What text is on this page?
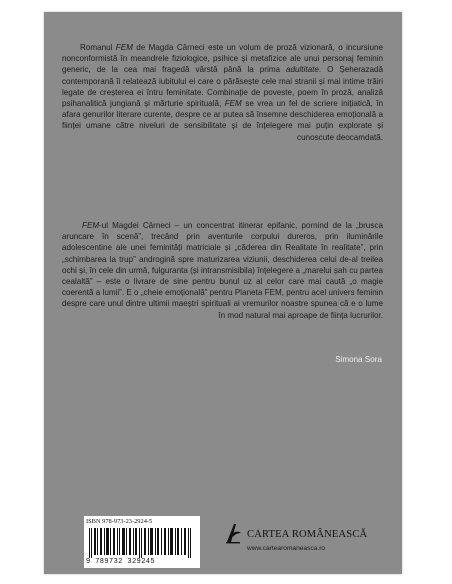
Romanul FEM de Magda Cârneci este un volum de proză vizionară, o incursiune nonconformistă în meandrele fiziologice, psihice și metafizice ale unui personaj feminin generic, de la cea mai fragedă vârstă până la prima adultitate. O Șeherazadă contemporană îi relatează iubitului ei care o părăsește cele mai stranii și mai intime trăiri legate de creșterea ei întru feminitate. Combinație de poveste, poem în proză, analiză psihanalitică jungiană și mărturie spirituală, FEM se vrea un fel de scriere inițiatică, în afara genurilor literare curente, despre ce ar putea să însemne deschiderea emoțională a ființei umane către niveluri de sensibilitate și de înțelegere mai puțin explorate și cunoscute deocamdată.

FEM-ul Magdei Cârneci – un concentrat itinerar epifanic, pornind de la „brusca aruncare în scenă”, trecând prin aventurile corpului dureros, prin iluminările adolescentine ale unei feminități matriciale și „căderea din Realitate în realitate”, prin „schimbarea la trup” androgină spre maturizarea viziunii, deschiderea celui de-al treilea ochi și, în cele din urmă, fulguranta (și intransmisibila) înțelegere a „marelui șah cu partea cealaltă” – este o livrare de sine pentru bunul uz al celor care mai caută „o magie coerentă a lumii”. E o „cheie emoțională” pentru Planeta FEM, pentru acel univers feminin despre care unul dintre ultimii maeștri spirituali ai vremurilor noastre spunea că e o lume în mod natural mai aproape de ființa lucrurilor.

Simona Sora

ISBN 978-973-23-2924-5
9 789732 329245
CARTEA ROMÂNEASCĂ
www.cartearomaneasca.ro
